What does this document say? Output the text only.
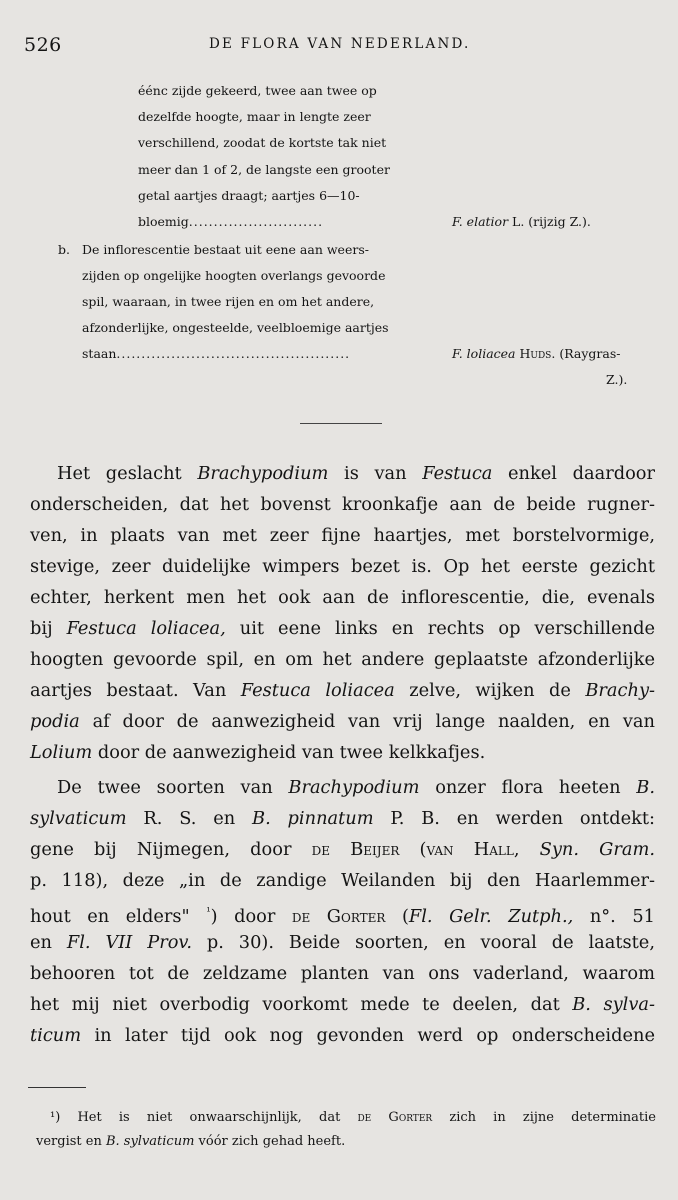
526	DE FLORA VAN NEDERLAND.
éénc zijde gekeerd, twee aan twee op
dezelfde hoogte, maar in lengte zeer
verschillend, zoodat de kortste tak niet
meer dan 1 of 2, de langste een grooter
getal aartjes draagt; aartjes 6—10-
bloemig...........................	F. elatior L. (rijzig Z.).
b. De inflorescentie bestaat uit eene aan weers-
zijden op ongelijke hoogten overlangs gevoorde
spil, waaraan, in twee rijen en om het andere,
afzonderlijke, ongesteelde, veelbloemige aartjes
staan...............................................	F. loliacea Huds. (Raygras-
Z.).
Het geslacht Brachypodium is van Festuca enkel daardoor
onderscheiden, dat het bovenst kroonkafje aan de beide rugner-
ven, in plaats van met zeer fijne haartjes, met borstelvormige,
stevige, zeer duidelijke wimpers bezet is. Op het eerste gezicht
echter, herkent men het ook aan de inflorescentie, die, evenals
bij Festuca loliacea, uit eene links en rechts op verschillende
hoogten gevoorde spil, en om het andere geplaatste afzonderlijke
aartjes bestaat. Van Festuca loliacea zelve, wijken de Brachy-
podia af door de aanwezigheid van vrij lange naalden, en van
Lolium door de aanwezigheid van twee kelkkafjes.
De twee soorten van Brachypodium onzer flora heeten B.
sylvaticum R. S. en B. pinnatum P. B. en werden ontdekt:
gene bij Nijmegen, door de Beijer (van Hall, Syn. Gram.
p. 118), deze „in de zandige Weilanden bij den Haarlemmer-
hout en elders" $^{^1}$) door de Gorter (Fl. Gelr. Zutph., n°. 51
en Fl. VII Prov. p. 30). Beide soorten, en vooral de laatste,
behooren tot de zeldzame planten van ons vaderland, waarom
het mij niet overbodig voorkomt mede te deelen, dat B. sylva-
ticum in later tijd ook nog gevonden werd op onderscheidene
¹) Het is niet onwaarschijnlijk, dat de Gorter zich in zijne determinatie
vergist en B. sylvaticum vóór zich gehad heeft.
